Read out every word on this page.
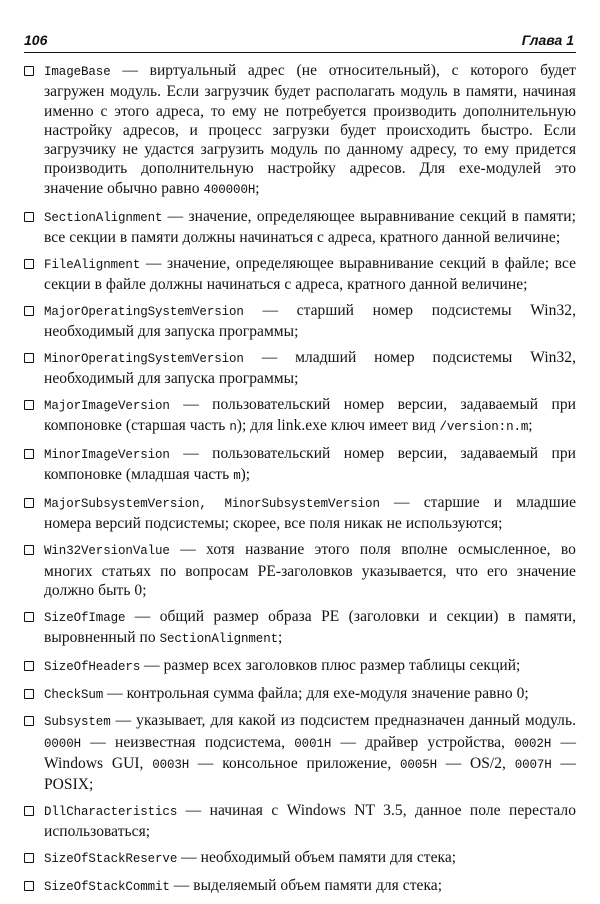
106	Глава 1
ImageBase — виртуальный адрес (не относительный), с которого будет загружен модуль. Если загрузчик будет располагать модуль в памяти, начиная именно с этого адреса, то ему не потребуется производить дополнительную настройку адресов, и процесс загрузки будет происходить быстро. Если загрузчику не удастся загрузить модуль по данному адресу, то ему придется производить дополнительную настройку адресов. Для exe-модулей это значение обычно равно 400000H;
SectionAlignment — значение, определяющее выравнивание секций в памяти; все секции в памяти должны начинаться с адреса, кратного данной величине;
FileAlignment — значение, определяющее выравнивание секций в файле; все секции в файле должны начинаться с адреса, кратного данной величине;
MajorOperatingSystemVersion — старший номер подсистемы Win32, необходимый для запуска программы;
MinorOperatingSystemVersion — младший номер подсистемы Win32, необходимый для запуска программы;
MajorImageVersion — пользовательский номер версии, задаваемый при компоновке (старшая часть n); для link.exe ключ имеет вид /version:n.m;
MinorImageVersion — пользовательский номер версии, задаваемый при компоновке (младшая часть m);
MajorSubsystemVersion, MinorSubsystemVersion — старшие и младшие номера версий подсистемы; скорее, все поля никак не используются;
Win32VersionValue — хотя название этого поля вполне осмысленное, во многих статьях по вопросам PE-заголовков указывается, что его значение должно быть 0;
SizeOfImage — общий размер образа PE (заголовки и секции) в памяти, выровненный по SectionAlignment;
SizeOfHeaders — размер всех заголовков плюс размер таблицы секций;
CheckSum — контрольная сумма файла; для exe-модуля значение равно 0;
Subsystem — указывает, для какой из подсистем предназначен данный модуль. 0000H — неизвестная подсистема, 0001H — драйвер устройства, 0002H — Windows GUI, 0003H — консольное приложение, 0005H — OS/2, 0007H — POSIX;
DllCharacteristics — начиная с Windows NT 3.5, данное поле перестало использоваться;
SizeOfStackReserve — необходимый объем памяти для стека;
SizeOfStackCommit — выделяемый объем памяти для стека;
